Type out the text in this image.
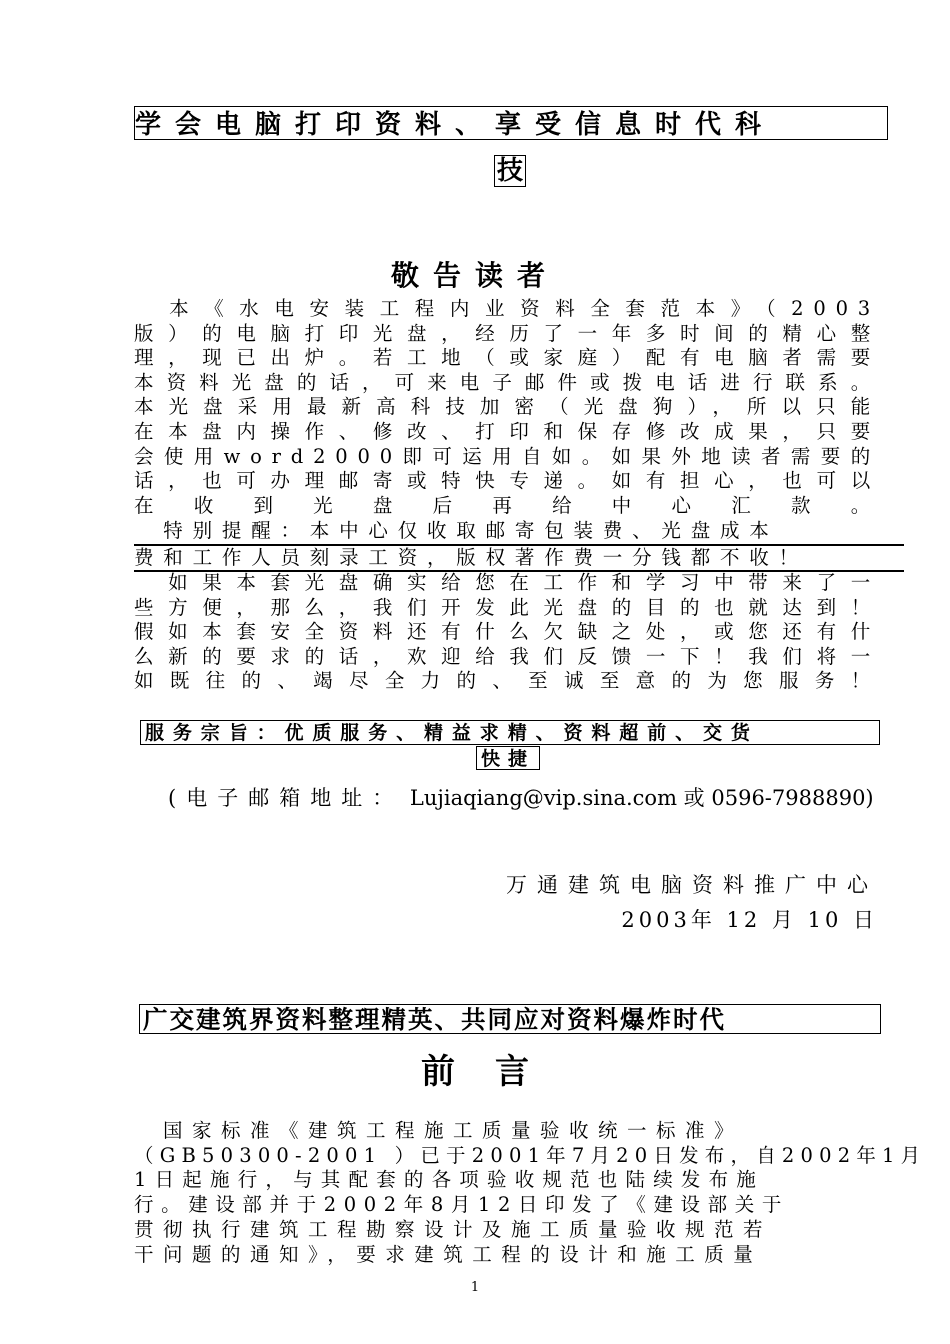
学会电脑打印资料、享受信息时代科
技
敬告读者
　本《水电安装工程内业资料全套范本》（2003
版）的电脑打印光盘，经历了一年多时间的精心整
理，现已出炉。若工地（或家庭）配有电脑者需要
本资料光盘的话，可来电子邮件或拨电话进行联系。
本光盘采用最新高科技加密（光盘狗），所以只能
在本盘内操作、修改、打印和保存修改成果，只要
会使用word2000即可运用自如。如果外地读者需要的
话，也可办理邮寄或特快专递。如有担心，也可以
在收到光盘后再给中心汇款。
　特别提醒：本中心仅收取邮寄包装费、光盘成本
费和工作人员刻录工资，版权著作费一分钱都不收！
　如果本套光盘确实给您在工作和学习中带来了一
些方便，那么，我们开发此光盘的目的也就达到！
假如本套安全资料还有什么欠缺之处，或您还有什
么新的要求的话，欢迎给我们反馈一下！我们将一
如既往的、竭尽全力的、至诚至意的为您服务！
服务宗旨：优质服务、精益求精、资料超前、交货
快捷
(电子邮箱地址： Lujiaqiang@vip.sina.com 或 0596-7988890)
万通建筑电脑资料推广中心
2003年 12 月 10 日
广交建筑界资料整理精英、共同应对资料爆炸时代
前言
　国家标准《建筑工程施工质量验收统一标准》
（GB50300-2001 ）已于2001年7月20日发布，自2002年1月
1日起施行，与其配套的各项验收规范也陆续发布施
行。建设部并于2002年8月12日印发了《建设部关于
贯彻执行建筑工程勘察设计及施工质量验收规范若
干问题的通知》，要求建筑工程的设计和施工质量
1
